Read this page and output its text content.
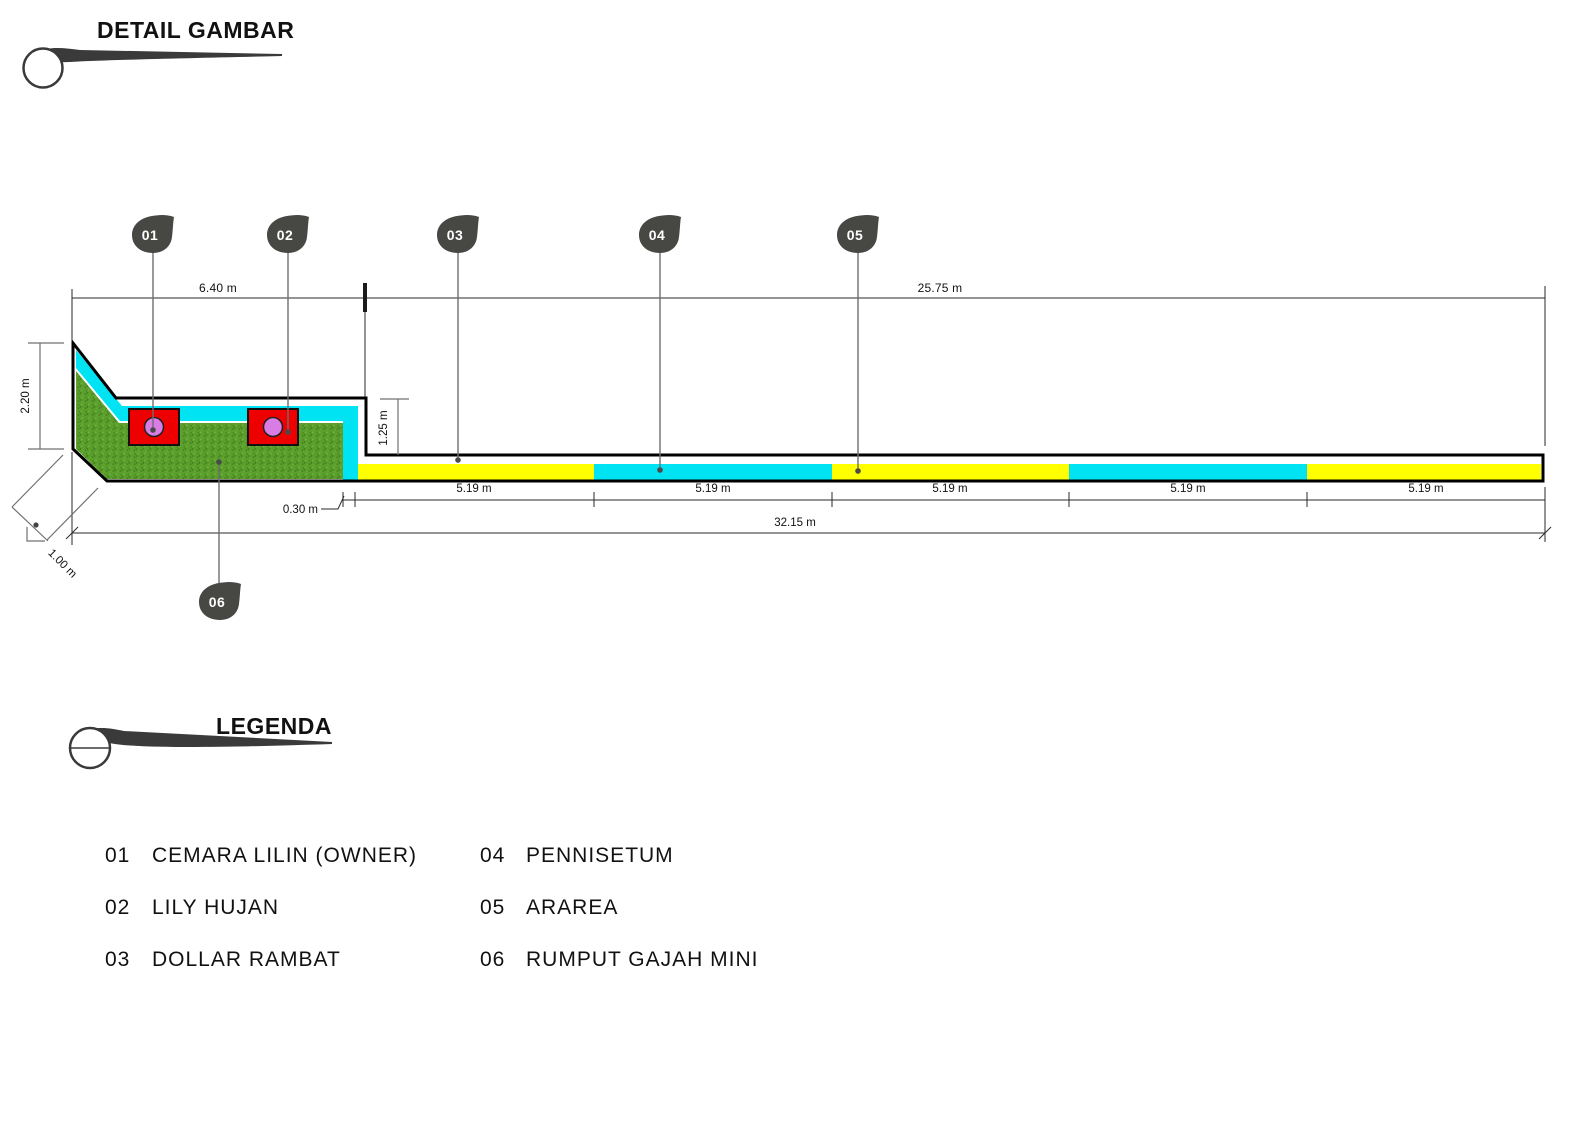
DETAIL GAMBAR
6.40 m	25.75 m
2.20 m
1.25 m
5.19 m	5.19 m	5.19 m	5.19 m	5.19 m
0.30 m
32.15 m
1.00 m
01	02	03	04	05
06
LEGENDA
01 CEMARA LILIN (OWNER)
02 LILY HUJAN
03 DOLLAR RAMBAT
04 PENNISETUM
05 ARAREA
06 RUMPUT GAJAH MINI
